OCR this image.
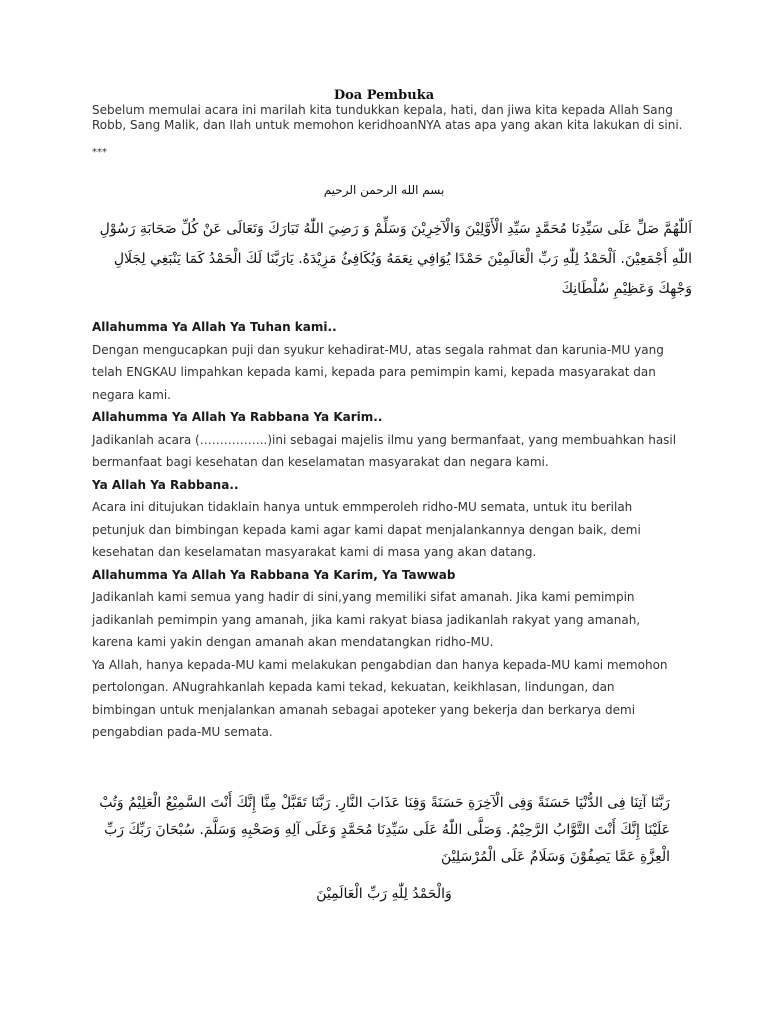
Doa Pembuka
Sebelum memulai acara ini marilah kita tundukkan kepala, hati, dan jiwa kita kepada Allah Sang Robb, Sang Malik, dan Ilah untuk memohon keridhoanNYA atas apa yang akan kita lakukan di sini.
***
بسم الله الرحمن الرحيم
اَللّٰهُمَّ صَلِّ عَلَى سَيِّدِنَا مُحَمَّدٍ سَيِّدِ الْأَوَّلِيْنَ وَالْآخِرِيْنَ وَسَلِّمْ وَ رَضِيَ اللّٰهُ تَبَارَكَ وَتَعَالَى عَنْ كُلِّ صَحَابَةِ رَسُوْلِ اللّٰهِ أَجْمَعِيْنَ. اَلْحَمْدُ لِلّٰهِ رَبِّ الْعَالَمِيْنَ حَمْدًا يُوَافِي نِعَمَهُ وَيُكَافِئُ مَزِيْدَهُ. يَارَبَّنَا لَكَ الْحَمْدُ كَمَا يَنْبَغِي لِجَلَالِ وَجْهِكَ وَعَظِيْمِ سُلْطَانِكَ

Allahumma Ya Allah Ya Tuhan kami..

Dengan mengucapkan puji dan syukur kehadirat-MU, atas segala rahmat dan karunia-MU yang telah ENGKAU limpahkan kepada kami, kepada para pemimpin kami, kepada masyarakat dan negara kami.

Allahumma Ya Allah Ya Rabbana Ya Karim..

Jadikanlah acara (……………..)ini sebagai majelis ilmu yang bermanfaat, yang membuahkan hasil bermanfaat bagi kesehatan dan keselamatan masyarakat dan negara kami.

Ya Allah Ya Rabbana..

Acara ini ditujukan tidaklain hanya untuk emmperoleh ridho-MU semata, untuk itu berilah petunjuk dan bimbingan kepada kami agar kami dapat menjalankannya dengan baik, demi kesehatan dan keselamatan masyarakat kami di masa yang akan datang.

Allahumma Ya Allah Ya Rabbana Ya Karim, Ya Tawwab

Jadikanlah kami semua yang hadir di sini,yang memiliki sifat amanah. Jika kami pemimpin jadikanlah pemimpin yang amanah, jika kami rakyat biasa jadikanlah rakyat yang amanah, karena kami yakin dengan amanah akan mendatangkan ridho-MU.

Ya Allah, hanya kepada-MU kami melakukan pengabdian dan hanya kepada-MU kami memohon pertolongan. ANugrahkanlah kepada kami tekad, kekuatan, keikhlasan, lindungan, dan bimbingan untuk menjalankan amanah sebagai apoteker yang bekerja dan berkarya demi pengabdian pada-MU semata.

رَبَّنَا آتِنَا فِى الدُّنْيَا حَسَنَةً وَفِى الْآخِرَةِ حَسَنَةً وَقِنَا عَذَابَ النَّارِ. رَبَّنَا تَقَبَّلْ مِنَّا إِنَّكَ أَنْتَ السَّمِيْعُ الْعَلِيْمُ وَتُبْ عَلَيْنَا إِنَّكَ أَنْتَ التَّوَّابُ الرَّحِيْمُ. وَصَلَّى اللّٰهُ عَلَى سَيِّدِنَا مُحَمَّدٍ وَعَلَى آلِهِ وَصَحْبِهِ وَسَلَّمَ. سُبْحَانَ رَبِّكَ رَبِّ الْعِزَّةِ عَمَّا يَصِفُوْنَ وَسَلَامٌ عَلَى الْمُرْسَلِيْنَ
وَالْحَمْدُ لِلّٰهِ رَبِّ الْعَالَمِيْنَ
